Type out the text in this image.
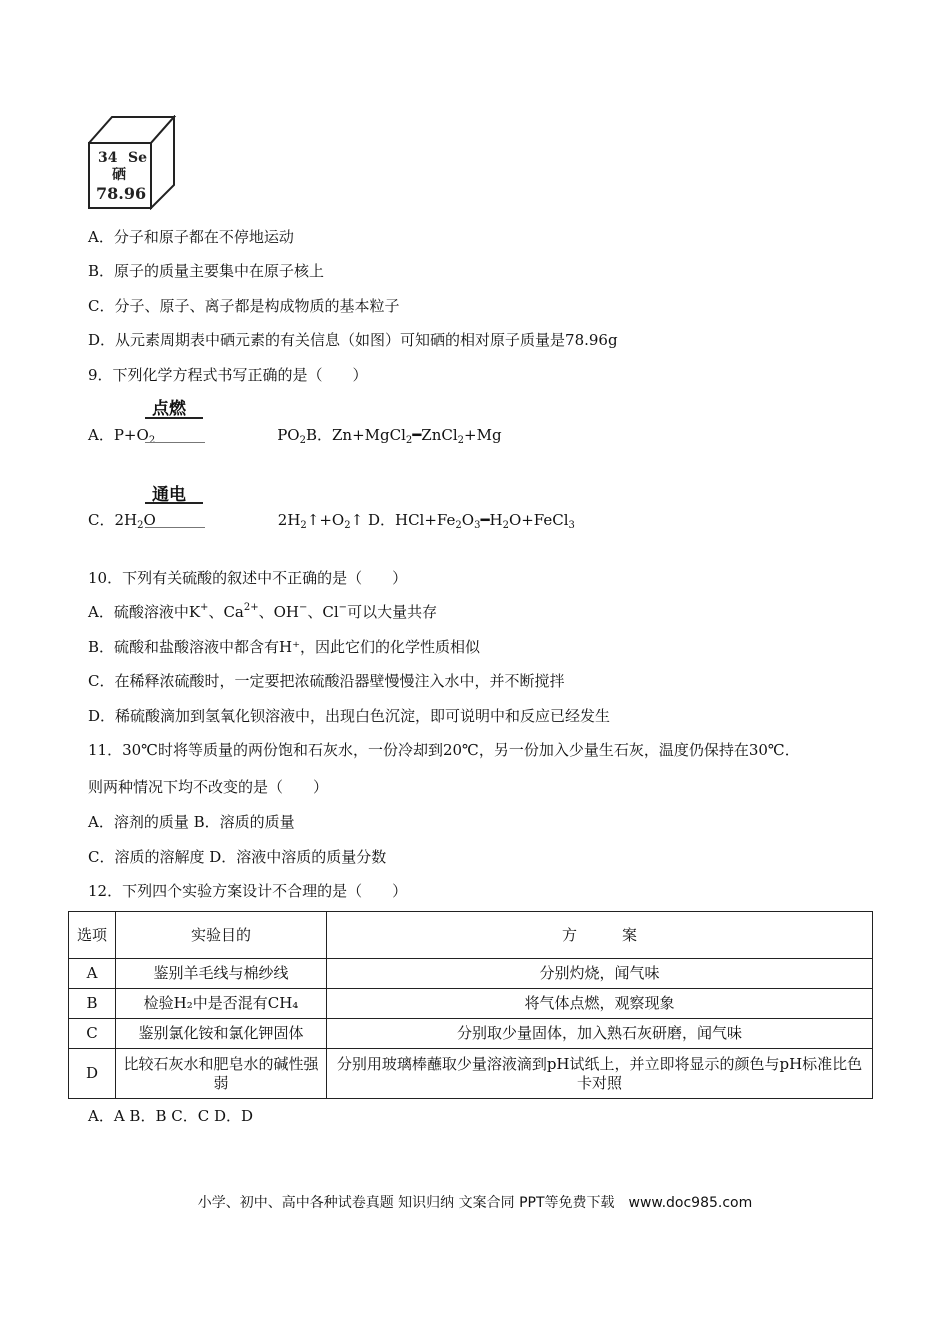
34 Se
硒
78.96
A．分子和原子都在不停地运动
B．原子的质量主要集中在原子核上
C．分子、原子、离子都是构成物质的基本粒子
D．从元素周期表中硒元素的有关信息（如图）可知硒的相对原子质量是78.96g
9．下列化学方程式书写正确的是（　　）
点燃
A．$P+O_2$	$PO_2B$．Zn+MgCl$_2$━ZnCl$_2$+Mg
通电
C．$2H_2O$	$2H_2↑+O_2↑$ D．$HCl+Fe_2O_3━H_2O+FeCl_3$
10．下列有关硫酸的叙述中不正确的是（　　）
A．硫酸溶液中K+、$Ca^{2+}$、OH−、Cl−可以大量共存
B．硫酸和盐酸溶液中都含有H⁺，因此它们的化学性质相似
C．在稀释浓硫酸时，一定要把浓硫酸沿器壁慢慢注入水中，并不断搅拌
D．稀硫酸滴加到氢氧化钡溶液中，出现白色沉淀，即可说明中和反应已经发生
11．30℃时将等质量的两份饱和石灰水，一份冷却到20℃，另一份加入少量生石灰，温度仍保持在30℃．
则两种情况下均不改变的是（　　）
A．溶剂的质量 B．溶质的质量
C．溶质的溶解度 D．溶液中溶质的质量分数
12．下列四个实验方案设计不合理的是（　　）
选项	实验目的	方　　　案
A	鉴别羊毛线与棉纱线	分别灼烧，闻气味
B	检验H₂中是否混有CH₄	将气体点燃，观察现象
C	鉴别氯化铵和氯化钾固体	分别取少量固体，加入熟石灰研磨，闻气味
D	比较石灰水和肥皂水的碱性强弱	分别用玻璃棒蘸取少量溶液滴到pH试纸上，并立即将显示的颜色与pH标准比色卡对照
A．A B．B C．C D．D
小学、初中、高中各种试卷真题 知识归纳 文案合同 PPT等免费下载　www.doc985.com
